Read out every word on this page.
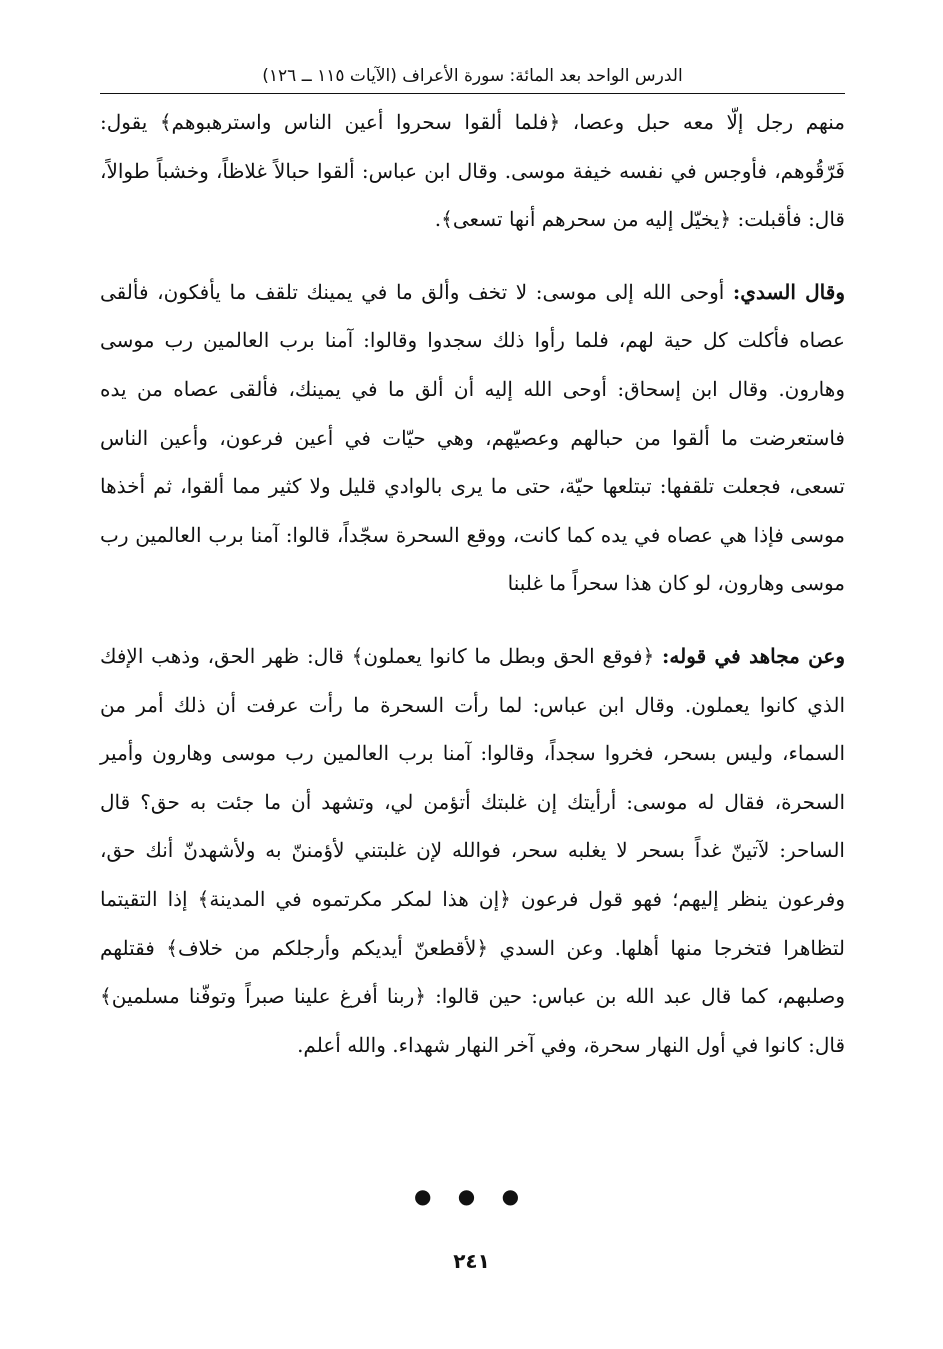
الدرس الواحد بعد المائة: سورة الأعراف (الآيات ١١٥ ــ ١٢٦)

منهم رجل إلّا معه حبل وعصا، ﴿فلما ألقوا سحروا أعين الناس واسترهبوهم﴾ يقول: فَرّقُوهم، فأوجس في نفسه خيفة موسى. وقال ابن عباس: ألقوا حبالاً غلاظاً، وخشباً طوالاً، قال: فأقبلت: ﴿يخيّل إليه من سحرهم أنها تسعى﴾.

وقال السدي: أوحى الله إلى موسى: لا تخف وألق ما في يمينك تلقف ما يأفكون، فألقى عصاه فأكلت كل حية لهم، فلما رأوا ذلك سجدوا وقالوا: آمنا برب العالمين رب موسى وهارون. وقال ابن إسحاق: أوحى الله إليه أن ألق ما في يمينك، فألقى عصاه من يده فاستعرضت ما ألقوا من حبالهم وعصيّهم، وهي حيّات في أعين فرعون، وأعين الناس تسعى، فجعلت تلقفها: تبتلعها حيّة، حتى ما يرى بالوادي قليل ولا كثير مما ألقوا، ثم أخذها موسى فإذا هي عصاه في يده كما كانت، ووقع السحرة سجّداً، قالوا: آمنا برب العالمين رب موسى وهارون، لو كان هذا سحراً ما غلبنا

وعن مجاهد في قوله: ﴿فوقع الحق وبطل ما كانوا يعملون﴾ قال: ظهر الحق، وذهب الإفك الذي كانوا يعملون. وقال ابن عباس: لما رأت السحرة ما رأت عرفت أن ذلك أمر من السماء، وليس بسحر، فخروا سجداً، وقالوا: آمنا برب العالمين رب موسى وهارون وأمير السحرة، فقال له موسى: أرأيتك إن غلبتك أتؤمن لي، وتشهد أن ما جئت به حق؟ قال الساحر: لآتينّ غداً بسحر لا يغلبه سحر، فوالله لإن غلبتني لأؤمننّ به ولأشهدنّ أنك حق، وفرعون ينظر إليهم؛ فهو قول فرعون ﴿إن هذا لمكر مكرتموه في المدينة﴾ إذا التقيتما لتظاهرا فتخرجا منها أهلها. وعن السدي ﴿لأقطعنّ أيديكم وأرجلكم من خلاف﴾ فقتلهم وصلبهم، كما قال عبد الله بن عباس: حين قالوا: ﴿ربنا أفرغ علينا صبراً وتوفّنا مسلمين﴾ قال: كانوا في أول النهار سحرة، وفي آخر النهار شهداء. والله أعلم.

● ● ●
٢٤١
